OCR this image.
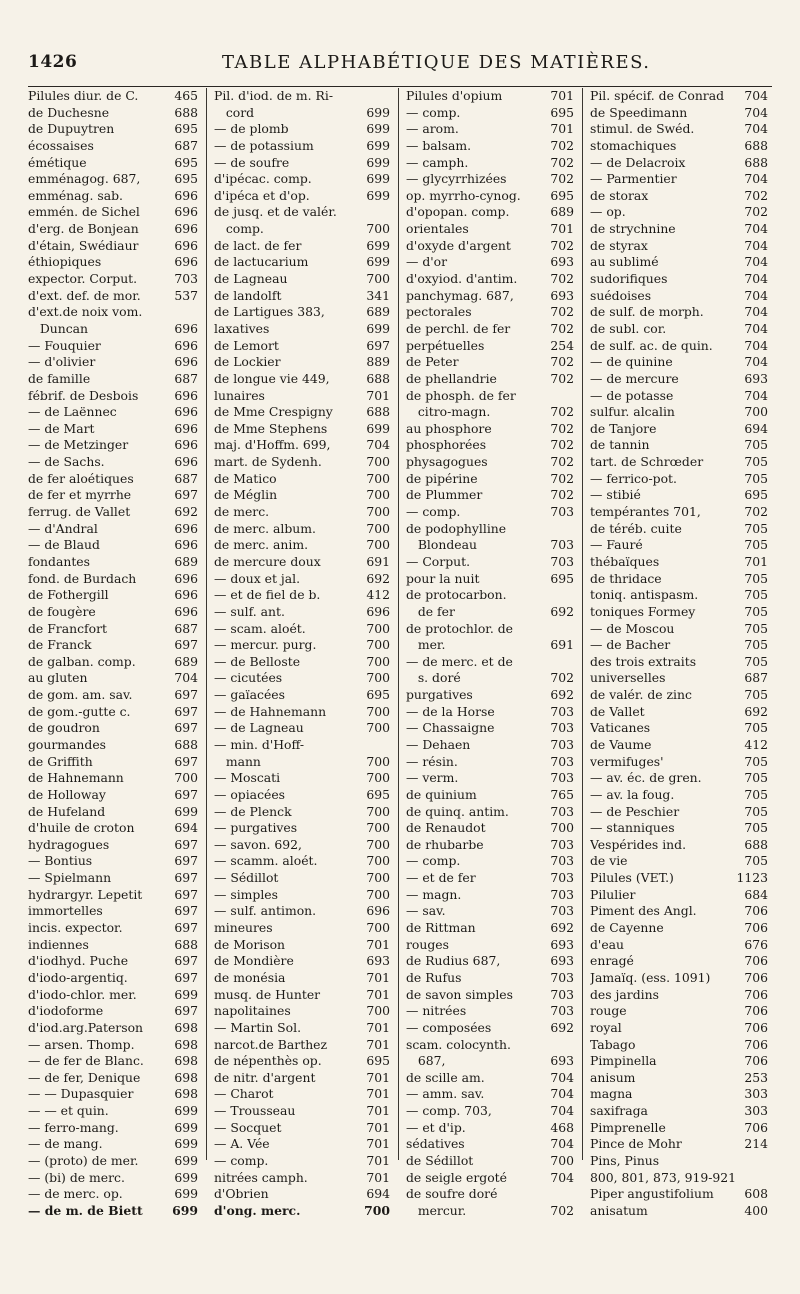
1426	TABLE ALPHABÉTIQUE DES MATIÈRES.
Pilules diur. de C.	465
de Duchesne	688
de Dupuytren	695
écossaises	687
émétique	695
emménagog. 687,	695
emménag. sab.	696
emmén. de Sichel	696
d'erg. de Bonjean	696
d'étain, Swédiaur	696
éthiopiques	696
expector. Corput.	703
d'ext. def. de mor.	537
d'ext.de noix vom.
Duncan	696
— Fouquier	696
— d'olivier	696
de famille	687
fébrif. de Desbois	696
— de Laënnec	696
— de Mart	696
— de Metzinger	696
— de Sachs.	696
de fer aloétiques	687
de fer et myrrhe	697
ferrug. de Vallet	692
— d'Andral	696
— de Blaud	696
fondantes	689
fond. de Burdach	696
de Fothergill	696
de fougère	696
de Francfort	687
de Franck	697
de galban. comp.	689
au gluten	704
de gom. am. sav.	697
de gom.-gutte c.	697
de goudron	697
gourmandes	688
de Griffith	697
de Hahnemann	700
de Holloway	697
de Hufeland	699
d'huile de croton	694
hydragogues	697
— Bontius	697
— Spielmann	697
hydrargyr. Lepetit	697
immortelles	697
incis. expector.	697
indiennes	688
d'iodhyd. Puche	697
d'iodo-argentiq.	697
d'iodo-chlor. mer.	699
d'iodoforme	697
d'iod.arg.Paterson	698
— arsen. Thomp.	698
— de fer de Blanc.	698
— de fer, Denique	698
— — Dupasquier	698
— — et quin.	699
— ferro-mang.	699
— de mang.	699
— (proto) de mer.	699
— (bi) de merc.	699
— de merc. op.	699
— de m. de Biett	699
Pil. d'iod. de m. Ri-
cord	699
— de plomb	699
— de potassium	699
— de soufre	699
d'ipécac. comp.	699
d'ipéca et d'op.	699
de jusq. et de valér.
comp.	700
de lact. de fer	699
de lactucarium	699
de Lagneau	700
de landolft	341
de Lartigues 383,	689
laxatives	699
de Lemort	697
de Lockier	889
de longue vie 449,	688
lunaires	701
de Mme Crespigny	688
de Mme Stephens	699
maj. d'Hoffm. 699,	704
mart. de Sydenh.	700
de Matico	700
de Méglin	700
de merc.	700
de merc. album.	700
de merc. anim.	700
de mercure doux	691
— doux et jal.	692
— et de fiel de b.	412
— sulf. ant.	696
— scam. aloét.	700
— mercur. purg.	700
— de Belloste	700
— cicutées	700
— gaïacées	695
— de Hahnemann	700
— de Lagneau	700
— min. d'Hoff-
mann	700
— Moscati	700
— opiacées	695
— de Plenck	700
— purgatives	700
— savon. 692,	700
— scamm. aloét.	700
— Sédillot	700
— simples	700
— sulf. antimon.	696
mineures	700
de Morison	701
de Mondière	693
de monésia	701
musq. de Hunter	701
napolitaines	700
— Martin Sol.	701
narcot.de Barthez	701
de népenthès op.	695
de nitr. d'argent	701
— Charot	701
— Trousseau	701
— Socquet	701
— A. Vée	701
— comp.	701
nitrées camph.	701
d'Obrien	694
d'ong. merc.	700
Pilules d'opium	701
— comp.	695
— arom.	701
— balsam.	702
— camph.	702
— glycyrrhizées	702
op. myrrho-cynog.	695
d'opopan. comp.	689
orientales	701
d'oxyde d'argent	702
— d'or	693
d'oxyiod. d'antim.	702
panchymag. 687,	693
pectorales	702
de perchl. de fer	702
perpétuelles	254
de Peter	702
de phellandrie	702
de phosph. de fer
citro-magn.	702
au phosphore	702
phosphorées	702
physagogues	702
de pipérine	702
de Plummer	702
— comp.	703
de podophylline
Blondeau	703
— Corput.	703
pour la nuit	695
de protocarbon.
de fer	692
de protochlor. de
mer.	691
— de merc. et de
s. doré	702
purgatives	692
— de la Horse	703
— Chassaigne	703
— Dehaen	703
— résin.	703
— verm.	703
de quinium	765
de quinq. antim.	703
de Renaudot	700
de rhubarbe	703
— comp.	703
— et de fer	703
— magn.	703
— sav.	703
de Rittman	692
rouges	693
de Rudius 687,	693
de Rufus	703
de savon simples	703
— nitrées	703
— composées	692
scam. colocynth.
687,	693
de scille am.	704
— amm. sav.	704
— comp. 703,	704
— et d'ip.	468
sédatives	704
de Sédillot	700
de seigle ergoté	704
de soufre doré
mercur.	702
Pil. spécif. de Conrad	704
de Speedimann	704
stimul. de Swéd.	704
stomachiques	688
— de Delacroix	688
— Parmentier	704
de storax	702
— op.	702
de strychnine	704
de styrax	704
au sublimé	704
sudorifiques	704
suédoises	704
de sulf. de morph.	704
de subl. cor.	704
de sulf. ac. de quin.	704
— de quinine	704
— de mercure	693
— de potasse	704
sulfur. alcalin	700
de Tanjore	694
de tannin	705
tart. de Schrœder	705
— ferrico-pot.	705
— stibié	695
tempérantes 701,	702
de téréb. cuite	705
— Fauré	705
thébaïques	701
de thridace	705
toniq. antispasm.	705
toniques Formey	705
— de Moscou	705
— de Bacher	705
des trois extraits	705
universelles	687
de valér. de zinc	705
de Vallet	692
Vaticanes	705
de Vaume	412
vermifuges'	705
— av. éc. de gren.	705
— av. la foug.	705
— de Peschier	705
— stanniques	705
Vespérides ind.	688
de vie	705
Pilules (VET.)	1123
Pilulier	684
Piment des Angl.	706
de Cayenne	706
d'eau	676
enragé	706
Jamaïq. (ess. 1091)	706
des jardins	706
rouge	706
royal	706
Tabago	706
Pimpinella	706
anisum	253
magna	303
saxifraga	303
Pimprenelle	706
Pince de Mohr	214
Pins, Pinus
800, 801, 873, 919-921
Piper angustifolium	608
anisatum	400
